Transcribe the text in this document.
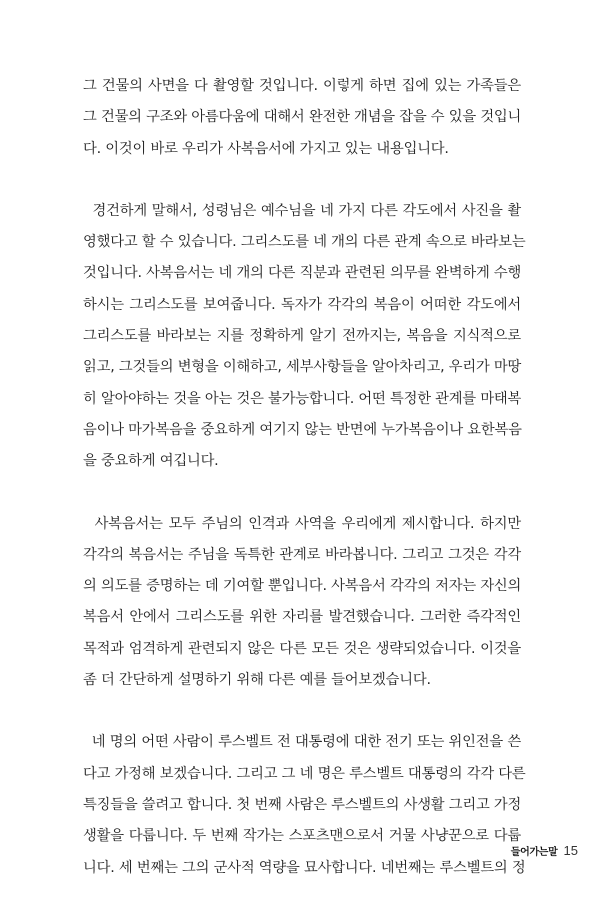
그 건물의 사면을 다 촬영할 것입니다. 이렇게 하면 집에 있는 가족들은
그 건물의 구조와 아름다움에 대해서 완전한 개념을 잡을 수 있을 것입니
다. 이것이 바로 우리가 사복음서에 가지고 있는 내용입니다.
경건하게 말해서, 성령님은 예수님을 네 가지 다른 각도에서 사진을 촬
영했다고 할 수 있습니다. 그리스도를 네 개의 다른 관계 속으로 바라보는
것입니다. 사복음서는 네 개의 다른 직분과 관련된 의무를 완벽하게 수행
하시는 그리스도를 보여줍니다. 독자가 각각의 복음이 어떠한 각도에서
그리스도를 바라보는 지를 정확하게 알기 전까지는, 복음을 지식적으로
읽고, 그것들의 변형을 이해하고, 세부사항들을 알아차리고, 우리가 마땅
히 알아야하는 것을 아는 것은 불가능합니다. 어떤 특정한 관계를 마태복
음이나 마가복음을 중요하게 여기지 않는 반면에 누가복음이나 요한복음
을 중요하게 여깁니다.
사복음서는 모두 주님의 인격과 사역을 우리에게 제시합니다. 하지만
각각의 복음서는 주님을 독특한 관계로 바라봅니다. 그리고 그것은 각각
의 의도를 증명하는 데 기여할 뿐입니다. 사복음서 각각의 저자는 자신의
복음서 안에서 그리스도를 위한 자리를 발견했습니다. 그러한 즉각적인
목적과 엄격하게 관련되지 않은 다른 모든 것은 생략되었습니다. 이것을
좀 더 간단하게 설명하기 위해 다른 예를 들어보겠습니다.
네 명의 어떤 사람이 루스벨트 전 대통령에 대한 전기 또는 위인전을 쓴
다고 가정해 보겠습니다. 그리고 그 네 명은 루스벨트 대통령의 각각 다른
특징들을 쓸려고 합니다. 첫 번째 사람은 루스벨트의 사생활 그리고 가정
생활을 다룹니다. 두 번째 작가는 스포츠맨으로서 거물 사냥꾼으로 다룹
니다. 세 번째는 그의 군사적 역량을 묘사합니다. 네번째는 루스벨트의 정
들어가는말 15
